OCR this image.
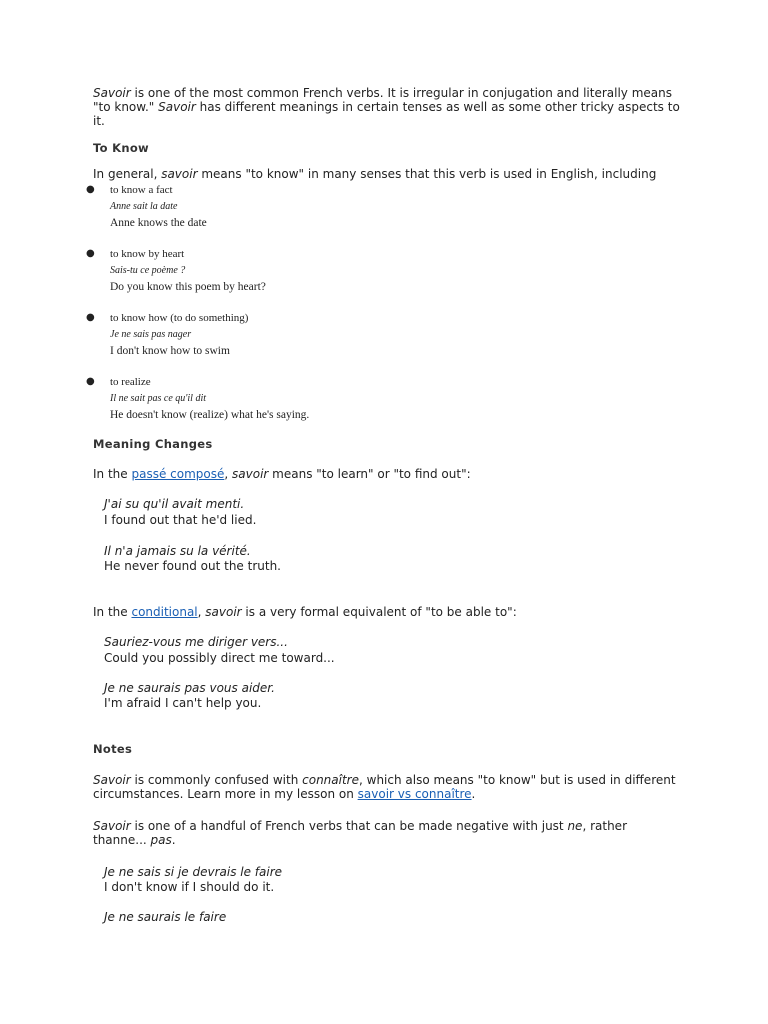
Savoir is one of the most common French verbs. It is irregular in conjugation and literally means "to know." Savoir has different meanings in certain tenses as well as some other tricky aspects to it.
To Know
In general, savoir means "to know" in many senses that this verb is used in English, including
● to know a fact
Anne sait la date
Anne knows the date
● to know by heart
Sais-tu ce poème ?
Do you know this poem by heart?
● to know how (to do something)
Je ne sais pas nager
I don't know how to swim
● to realize
Il ne sait pas ce qu'il dit
He doesn't know (realize) what he's saying.
Meaning Changes
In the passé composé, savoir means "to learn" or "to find out":
J'ai su qu'il avait menti.
I found out that he'd lied.
Il n'a jamais su la vérité.
He never found out the truth.
In the conditional, savoir is a very formal equivalent of "to be able to":
Sauriez-vous me diriger vers...
Could you possibly direct me toward...
Je ne saurais pas vous aider.
I'm afraid I can't help you.
Notes
Savoir is commonly confused with connaître, which also means "to know" but is used in different circumstances. Learn more in my lesson on savoir vs connaître.
Savoir is one of a handful of French verbs that can be made negative with just ne, rather thanne... pas.
Je ne sais si je devrais le faire
I don't know if I should do it.
Je ne saurais le faire
